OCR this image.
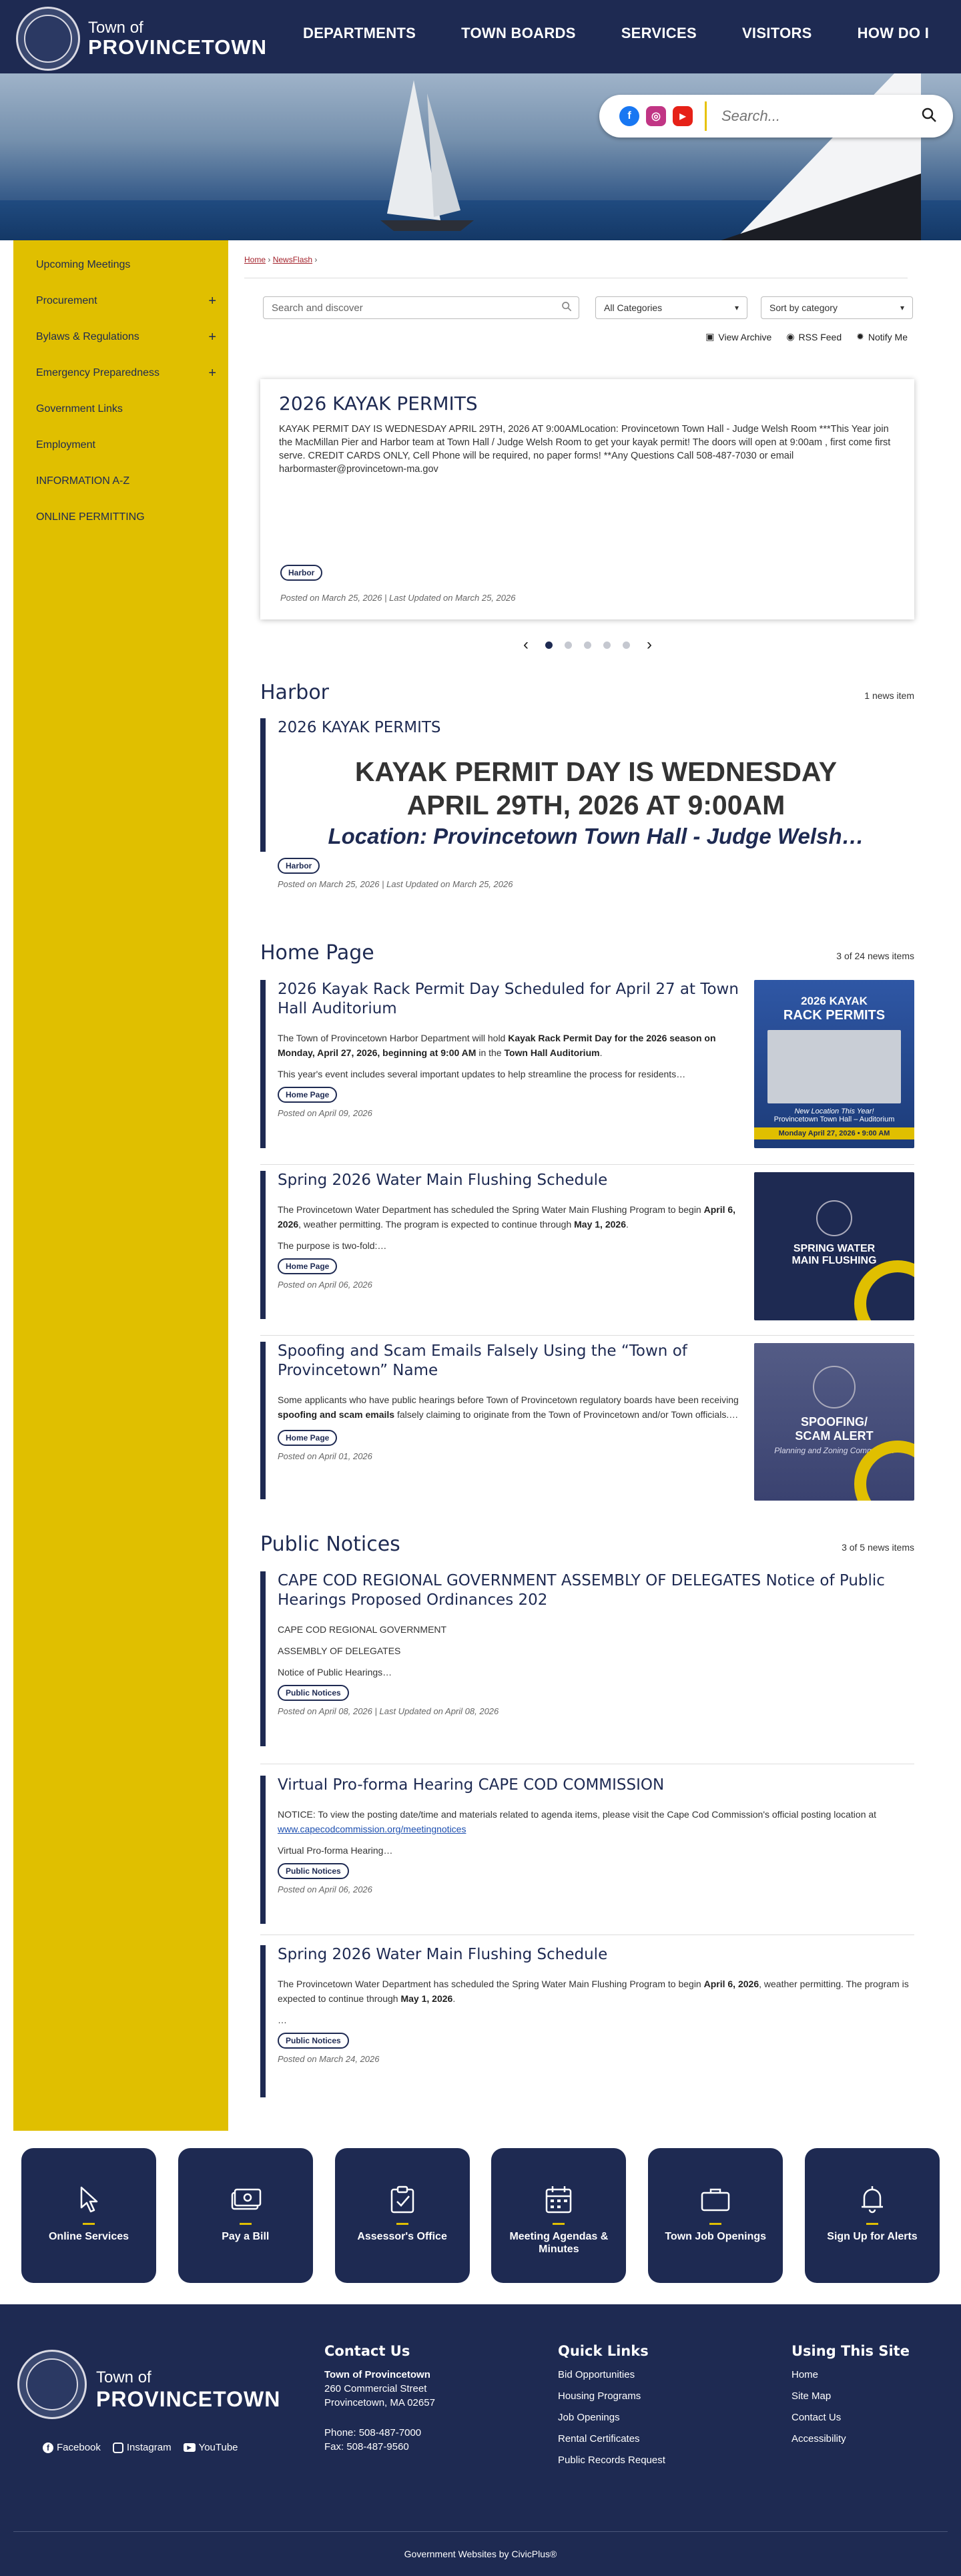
Town of
PROVINCETOWN
DEPARTMENTS	TOWN BOARDS	SERVICES	VISITORS	HOW DO I
f	◎	▶
Search...
Upcoming Meetings
Procurement	+
Bylaws & Regulations	+
Emergency Preparedness	+
Government Links
Employment
INFORMATION A-Z
ONLINE PERMITTING
Home › NewsFlash ›
Search and discover	All Categories	▾	Sort by category	▾
▣ View Archive ◉ RSS Feed ✹ Notify Me
2026 KAYAK PERMITS

KAYAK PERMIT DAY IS WEDNESDAY APRIL 29TH, 2026 AT 9:00AMLocation: Provincetown Town Hall - Judge Welsh Room ***This Year join the MacMillan Pier and Harbor team at Town Hall / Judge Welsh Room to get your kayak permit! The doors will open at 9:00am , first come first serve. CREDIT CARDS ONLY, Cell Phone will be required, no paper forms! **Any Questions Call 508-487-7030 or email harbormaster@provincetown-ma.gov

Harbor
Posted on March 25, 2026 | Last Updated on March 25, 2026
‹	›
Harbor	1 news item
2026 KAYAK PERMITS
KAYAK PERMIT DAY IS WEDNESDAY
APRIL 29TH, 2026 AT 9:00AM
Location: Provincetown Town Hall - Judge Welsh…
Harbor
Posted on March 25, 2026 | Last Updated on March 25, 2026
Home Page	3 of 24 news items
2026 Kayak Rack Permit Day Scheduled for April 27 at Town Hall Auditorium
The Town of Provincetown Harbor Department will hold Kayak Rack Permit Day for the 2026 season on Monday, April 27, 2026, beginning at 9:00 AM in the Town Hall Auditorium.
This year's event includes several important updates to help streamline the process for residents…
Home Page
Posted on April 09, 2026
2026 KAYAK
RACK PERMITS
New Location This Year!
Provincetown Town Hall – Auditorium
Monday April 27, 2026 • 9:00 AM
Spring 2026 Water Main Flushing Schedule
The Provincetown Water Department has scheduled the Spring Water Main Flushing Program to begin April 6, 2026, weather permitting. The program is expected to continue through May 1, 2026.
The purpose is two-fold:…
Home Page
Posted on April 06, 2026
SPRING WATER
MAIN FLUSHING
Spoofing and Scam Emails Falsely Using the “Town of Provincetown” Name
Some applicants who have public hearings before Town of Provincetown regulatory boards have been receiving spoofing and scam emails falsely claiming to originate from the Town of Provincetown and/or Town officials.…
Home Page
Posted on April 01, 2026
SPOOFING/
SCAM ALERT
Planning and Zoning Commission
Public Notices	3 of 5 news items
CAPE COD REGIONAL GOVERNMENT ASSEMBLY OF DELEGATES Notice of Public Hearings Proposed Ordinances 202
CAPE COD REGIONAL GOVERNMENT
ASSEMBLY OF DELEGATES
Notice of Public Hearings…
Public Notices
Posted on April 08, 2026 | Last Updated on April 08, 2026
Virtual Pro-forma Hearing CAPE COD COMMISSION
NOTICE: To view the posting date/time and materials related to agenda items, please visit the Cape Cod Commission's official posting location at www.capecodcommission.org/meetingnotices
Virtual Pro-forma Hearing…
Public Notices
Posted on April 06, 2026
Spring 2026 Water Main Flushing Schedule
The Provincetown Water Department has scheduled the Spring Water Main Flushing Program to begin April 6, 2026, weather permitting. The program is expected to continue through May 1, 2026.
…
Public Notices
Posted on March 24, 2026
Online Services	Pay a Bill	Assessor's Office	Meeting Agendas & Minutes
Town Job Openings	Sign Up for Alerts
Town of
PROVINCETOWN
f Facebook	Instagram	▶ YouTube
Contact Us
Town of Provincetown
260 Commercial Street
Provincetown, MA 02657
Phone: 508-487-7000
Fax: 508-487-9560
Quick Links
Bid Opportunities
Housing Programs
Job Openings
Rental Certificates
Public Records Request
Using This Site
Home
Site Map
Contact Us
Accessibility
Government Websites by CivicPlus®
